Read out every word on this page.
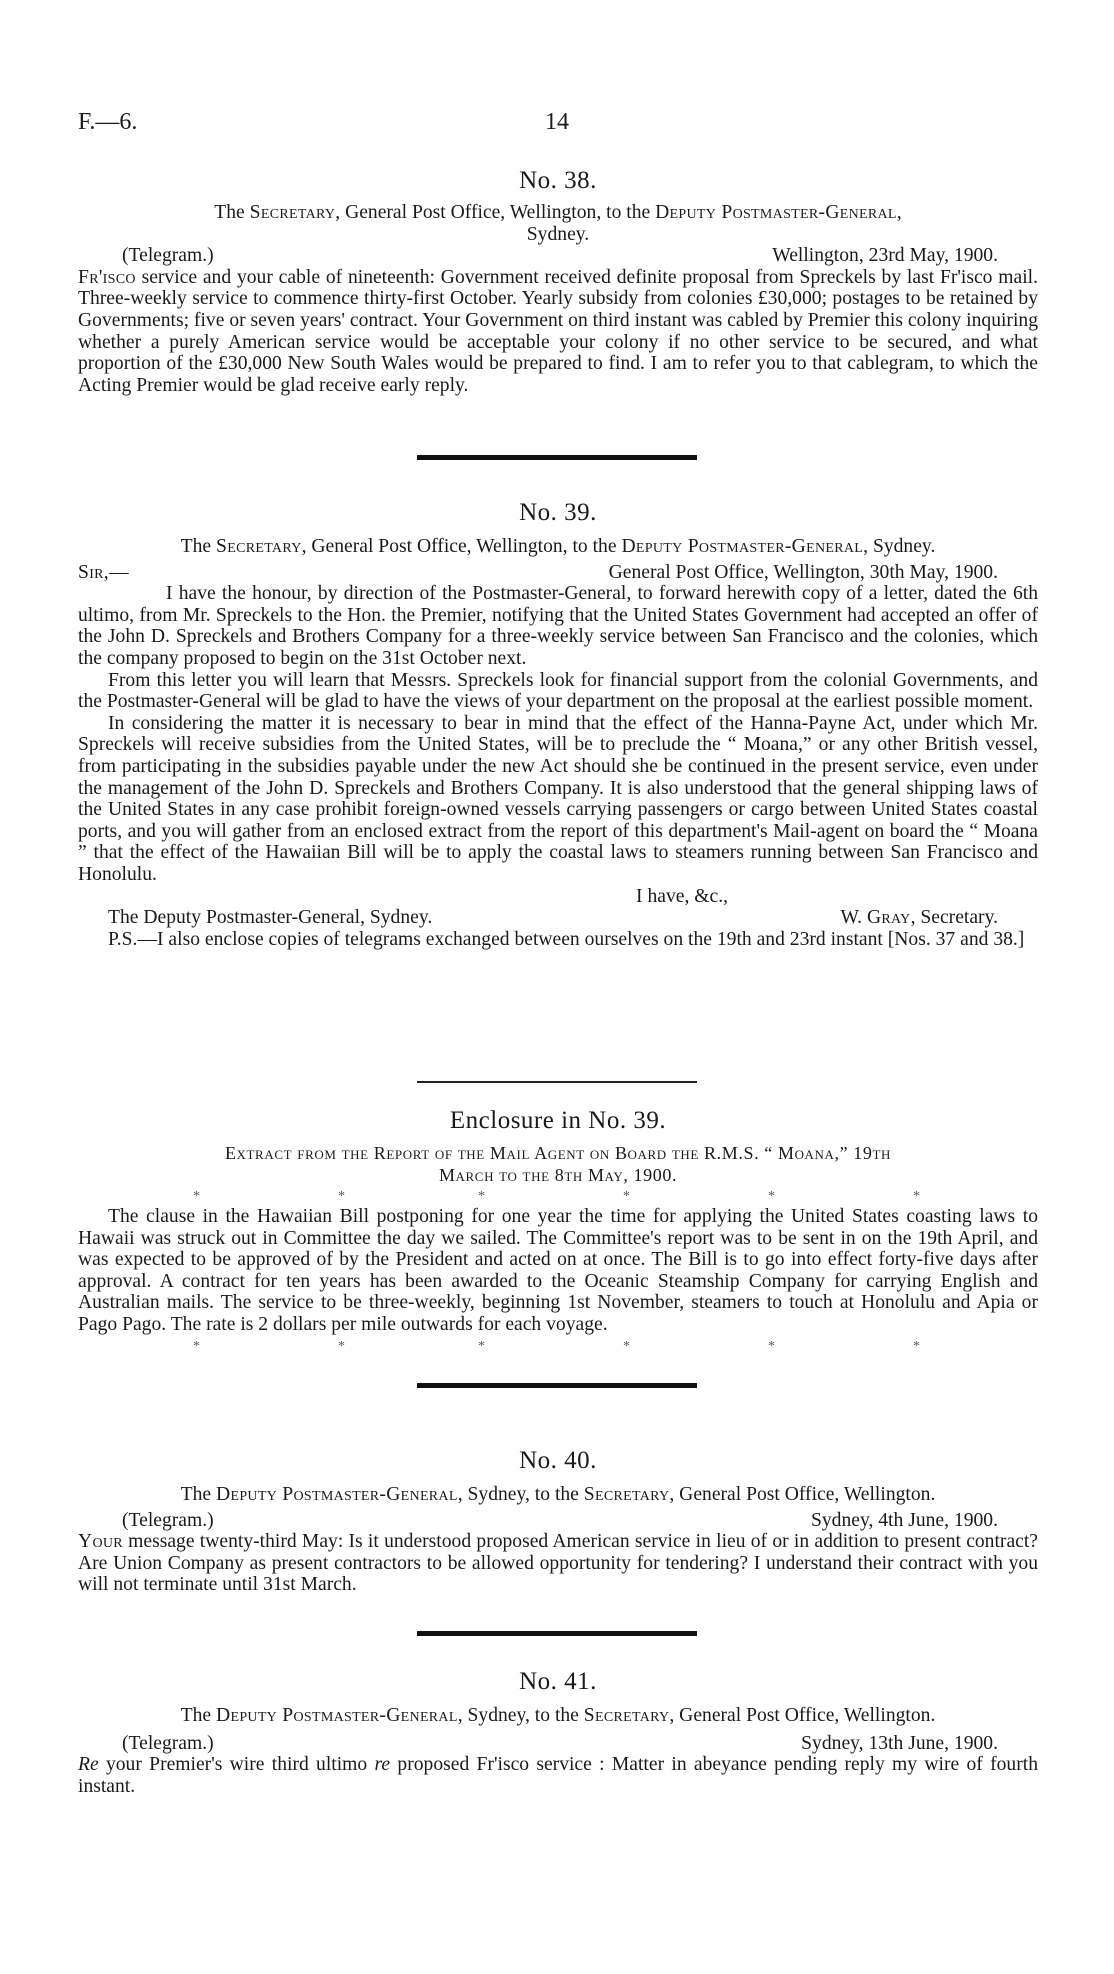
F.—6.	14
No. 38.
The Secretary, General Post Office, Wellington, to the Deputy Postmaster-General,
Sydney.
(Telegram.)	Wellington, 23rd May, 1900.

Fr'isco service and your cable of nineteenth: Government received definite proposal from Spreckels by last Fr'isco mail. Three-weekly service to commence thirty-first October. Yearly subsidy from colonies £30,000; postages to be retained by Governments; five or seven years' contract. Your Government on third instant was cabled by Premier this colony inquiring whether a purely American service would be acceptable your colony if no other service to be secured, and what proportion of the £30,000 New South Wales would be prepared to find. I am to refer you to that cablegram, to which the Acting Premier would be glad receive early reply.

No. 39.
The Secretary, General Post Office, Wellington, to the Deputy Postmaster-General, Sydney.
Sir,—	General Post Office, Wellington, 30th May, 1900.

I have the honour, by direction of the Postmaster-General, to forward herewith copy of a letter, dated the 6th ultimo, from Mr. Spreckels to the Hon. the Premier, notifying that the United States Government had accepted an offer of the John D. Spreckels and Brothers Company for a three-weekly service between San Francisco and the colonies, which the company proposed to begin on the 31st October next.

From this letter you will learn that Messrs. Spreckels look for financial support from the colonial Governments, and the Postmaster-General will be glad to have the views of your department on the proposal at the earliest possible moment.

In considering the matter it is necessary to bear in mind that the effect of the Hanna-Payne Act, under which Mr. Spreckels will receive subsidies from the United States, will be to preclude the “ Moana,” or any other British vessel, from participating in the subsidies payable under the new Act should she be continued in the present service, even under the management of the John D. Spreckels and Brothers Company. It is also understood that the general shipping laws of the United States in any case prohibit foreign-owned vessels carrying passengers or cargo between United States coastal ports, and you will gather from an enclosed extract from the report of this department's Mail-agent on board the “ Moana ” that the effect of the Hawaiian Bill will be to apply the coastal laws to steamers running between San Francisco and Honolulu.

I have, &c.,
The Deputy Postmaster-General, Sydney.	W. Gray, Secretary.

P.S.—I also enclose copies of telegrams exchanged between ourselves on the 19th and 23rd instant [Nos. 37 and 38.]

Enclosure in No. 39.
Extract from the Report of the Mail Agent on Board the R.M.S. “ Moana,” 19th
March to the 8th May, 1900.
*	*	*	*	*	*

The clause in the Hawaiian Bill postponing for one year the time for applying the United States coasting laws to Hawaii was struck out in Committee the day we sailed. The Committee's report was to be sent in on the 19th April, and was expected to be approved of by the President and acted on at once. The Bill is to go into effect forty-five days after approval. A contract for ten years has been awarded to the Oceanic Steamship Company for carrying English and Australian mails. The service to be three-weekly, beginning 1st November, steamers to touch at Honolulu and Apia or Pago Pago. The rate is 2 dollars per mile outwards for each voyage.

*	*	*	*	*	*
No. 40.
The Deputy Postmaster-General, Sydney, to the Secretary, General Post Office, Wellington.
(Telegram.)	Sydney, 4th June, 1900.

Your message twenty-third May: Is it understood proposed American service in lieu of or in addition to present contract? Are Union Company as present contractors to be allowed opportunity for tendering? I understand their contract with you will not terminate until 31st March.

No. 41.
The Deputy Postmaster-General, Sydney, to the Secretary, General Post Office, Wellington.
(Telegram.)	Sydney, 13th June, 1900.

Re your Premier's wire third ultimo re proposed Fr'isco service : Matter in abeyance pending reply my wire of fourth instant.
